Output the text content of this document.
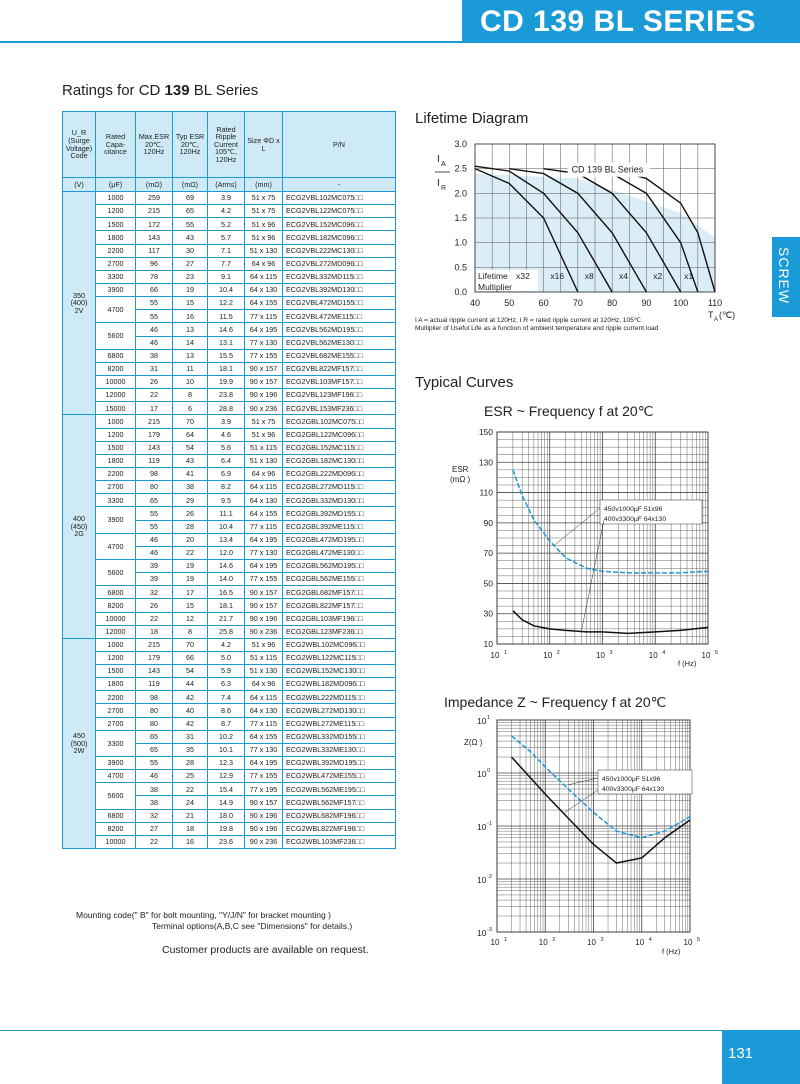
CD 139 BL SERIES
SCREW
Ratings for CD 139 BL Series
U_R (Surge Voltage) Code	Rated Capa-citance	Max.ESR 20℃, 120Hz	Typ ESR 20℃, 120Hz	Rated Ripple Current 105℃, 120Hz	Size ΦD x L	P/N
(V)	(μF)	(mΩ)	(mΩ)	(Arms)	(mm)	-

350
(400)
2V	1000	259	69	3.9	51 x 75	ECG2VBL102MC075□□
	1200	215	65	4.2	51 x 75	ECG2VBL122MC075□□
	1500	172	55	5.2	51 x 96	ECG2VBL152MC096□□
	1800	143	43	5.7	51 x 96	ECG2VBL182MC096□□
	2200	117	30	7.1	51 x 130	ECG2VBL222MC130□□
	2700	96	27	7.7	64 x 96	ECG2VBL272MD096□□
	3300	78	23	9.1	64 x 115	ECG2VBL332MD115□□
	3900	66	19	10.4	64 x 130	ECG2VBL392MD130□□
	4700	55	15	12.2	64 x 155	ECG2VBL472MD155□□
		55	16	11.5	77 x 115	ECG2VBL472ME115□□
	5600	46	13	14.6	64 x 195	ECG2VBL562MD195□□
		46	14	13.1	77 x 130	ECG2VBL562ME130□□
	6800	38	13	15.5	77 x 155	ECG2VBL682ME155□□
	8200	31	11	18.1	90 x 157	ECG2VBL822MF157□□
	10000	26	10	19.9	90 x 157	ECG2VBL103MF157□□
	12000	22	8	23.8	90 x 196	ECG2VBL123MF196□□
	15000	17	6	28.8	90 x 236	ECG2VBL153MF236□□

400
(450)
2G	1000	215	70	3.9	51 x 75	ECG2GBL102MC075□□
	1200	179	64	4.6	51 x 96	ECG2GBL122MC096□□
	1500	143	54	5.6	51 x 115	ECG2GBL152MC115□□
	1800	119	43	6.4	51 x 130	ECG2GBL182MC130□□
	2200	98	41	6.9	64 x 96	ECG2GBL222MD096□□
	2700	80	38	8.2	64 x 115	ECG2GBL272MD115□□
	3300	65	29	9.5	64 x 130	ECG2GBL332MD130□□
	3900	55	26	11.1	64 x 155	ECG2GBL392MD155□□
		55	28	10.4	77 x 115	ECG2GBL392ME115□□
	4700	46	20	13.4	64 x 195	ECG2GBL472MD195□□
		46	22	12.0	77 x 130	ECG2GBL472ME130□□
	5600	39	19	14.6	64 x 195	ECG2GBL562MD195□□
		39	19	14.0	77 x 155	ECG2GBL562ME155□□
	6800	32	17	16.5	90 x 157	ECG2GBL682MF157□□
	8200	26	15	18.1	90 x 157	ECG2GBL822MF157□□
	10000	22	12	21.7	90 x 196	ECG2GBL103MF196□□
	12000	18	8	25.8	90 x 236	ECG2GBL123MF236□□

450
(500)
2W	1000	215	70	4.2	51 x 96	ECG2WBL102MC096□□
	1200	179	66	5.0	51 x 115	ECG2WBL122MC115□□
	1500	143	54	5.9	51 x 130	ECG2WBL152MC130□□
	1800	119	44	6.3	64 x 96	ECG2WBL182MD096□□
	2200	98	42	7.4	64 x 115	ECG2WBL222MD115□□
	2700	80	40	8.6	64 x 130	ECG2WBL272MD130□□
	2700	80	42	8.7	77 x 115	ECG2WBL272ME115□□
	3300	65	31	10.2	64 x 155	ECG2WBL332MD155□□
		65	35	10.1	77 x 130	ECG2WBL332ME130□□
	3900	55	28	12.3	64 x 195	ECG2WBL392MD195□□
	4700	46	25	12.9	77 x 155	ECG2WBL472ME155□□
	5600	38	22	15.4	77 x 195	ECG2WBL562ME195□□
		38	24	14.9	90 x 157	ECG2WBL562MF157□□
	6800	32	21	18.0	90 x 196	ECG2WBL682MF196□□
	8200	27	18	19.8	90 x 196	ECG2WBL822MF196□□
	10000	22	16	23.6	90 x 236	ECG2WBL103MF236□□
Mounting code(" B" for bolt mounting, "Y/J/N" for bracket mounting )
Terminal options(A,B,C see "Dimensions" for details.)
Customer products are available on request.
Lifetime Diagram
3.0
2.5
2.0
1.5
1.0
0.5
0.0
40	50	60	70	80	90 100 110
I A
I R
T A (℃)
CD 139 BL Series
Lifetime
Multiplier
x32 x16 x8	x4	x2	x1
I A = actual ripple current at 120Hz, I R = rated ripple current at 120Hz, 105℃
Multiplier of Useful Life as a function of ambient temperature and ripple current load
Typical Curves
ESR ~ Frequency f at 20℃
150
130
110
90
70
50
30
10
10 1	10 2	10 3	10 4	10 5
ESR
(mΩ )
f (Hz)
450v1000μF 51x96
400v3300μF 64x130
Impedance Z ~ Frequency f at 20℃
10 1
10 0
10 -1
10 -2
10 -3
10 1	10 2	10 3	10 4	10 5
Z(Ω )
f (Hz)
450v1000μF 51x96
400v3300μF 64x130
131
